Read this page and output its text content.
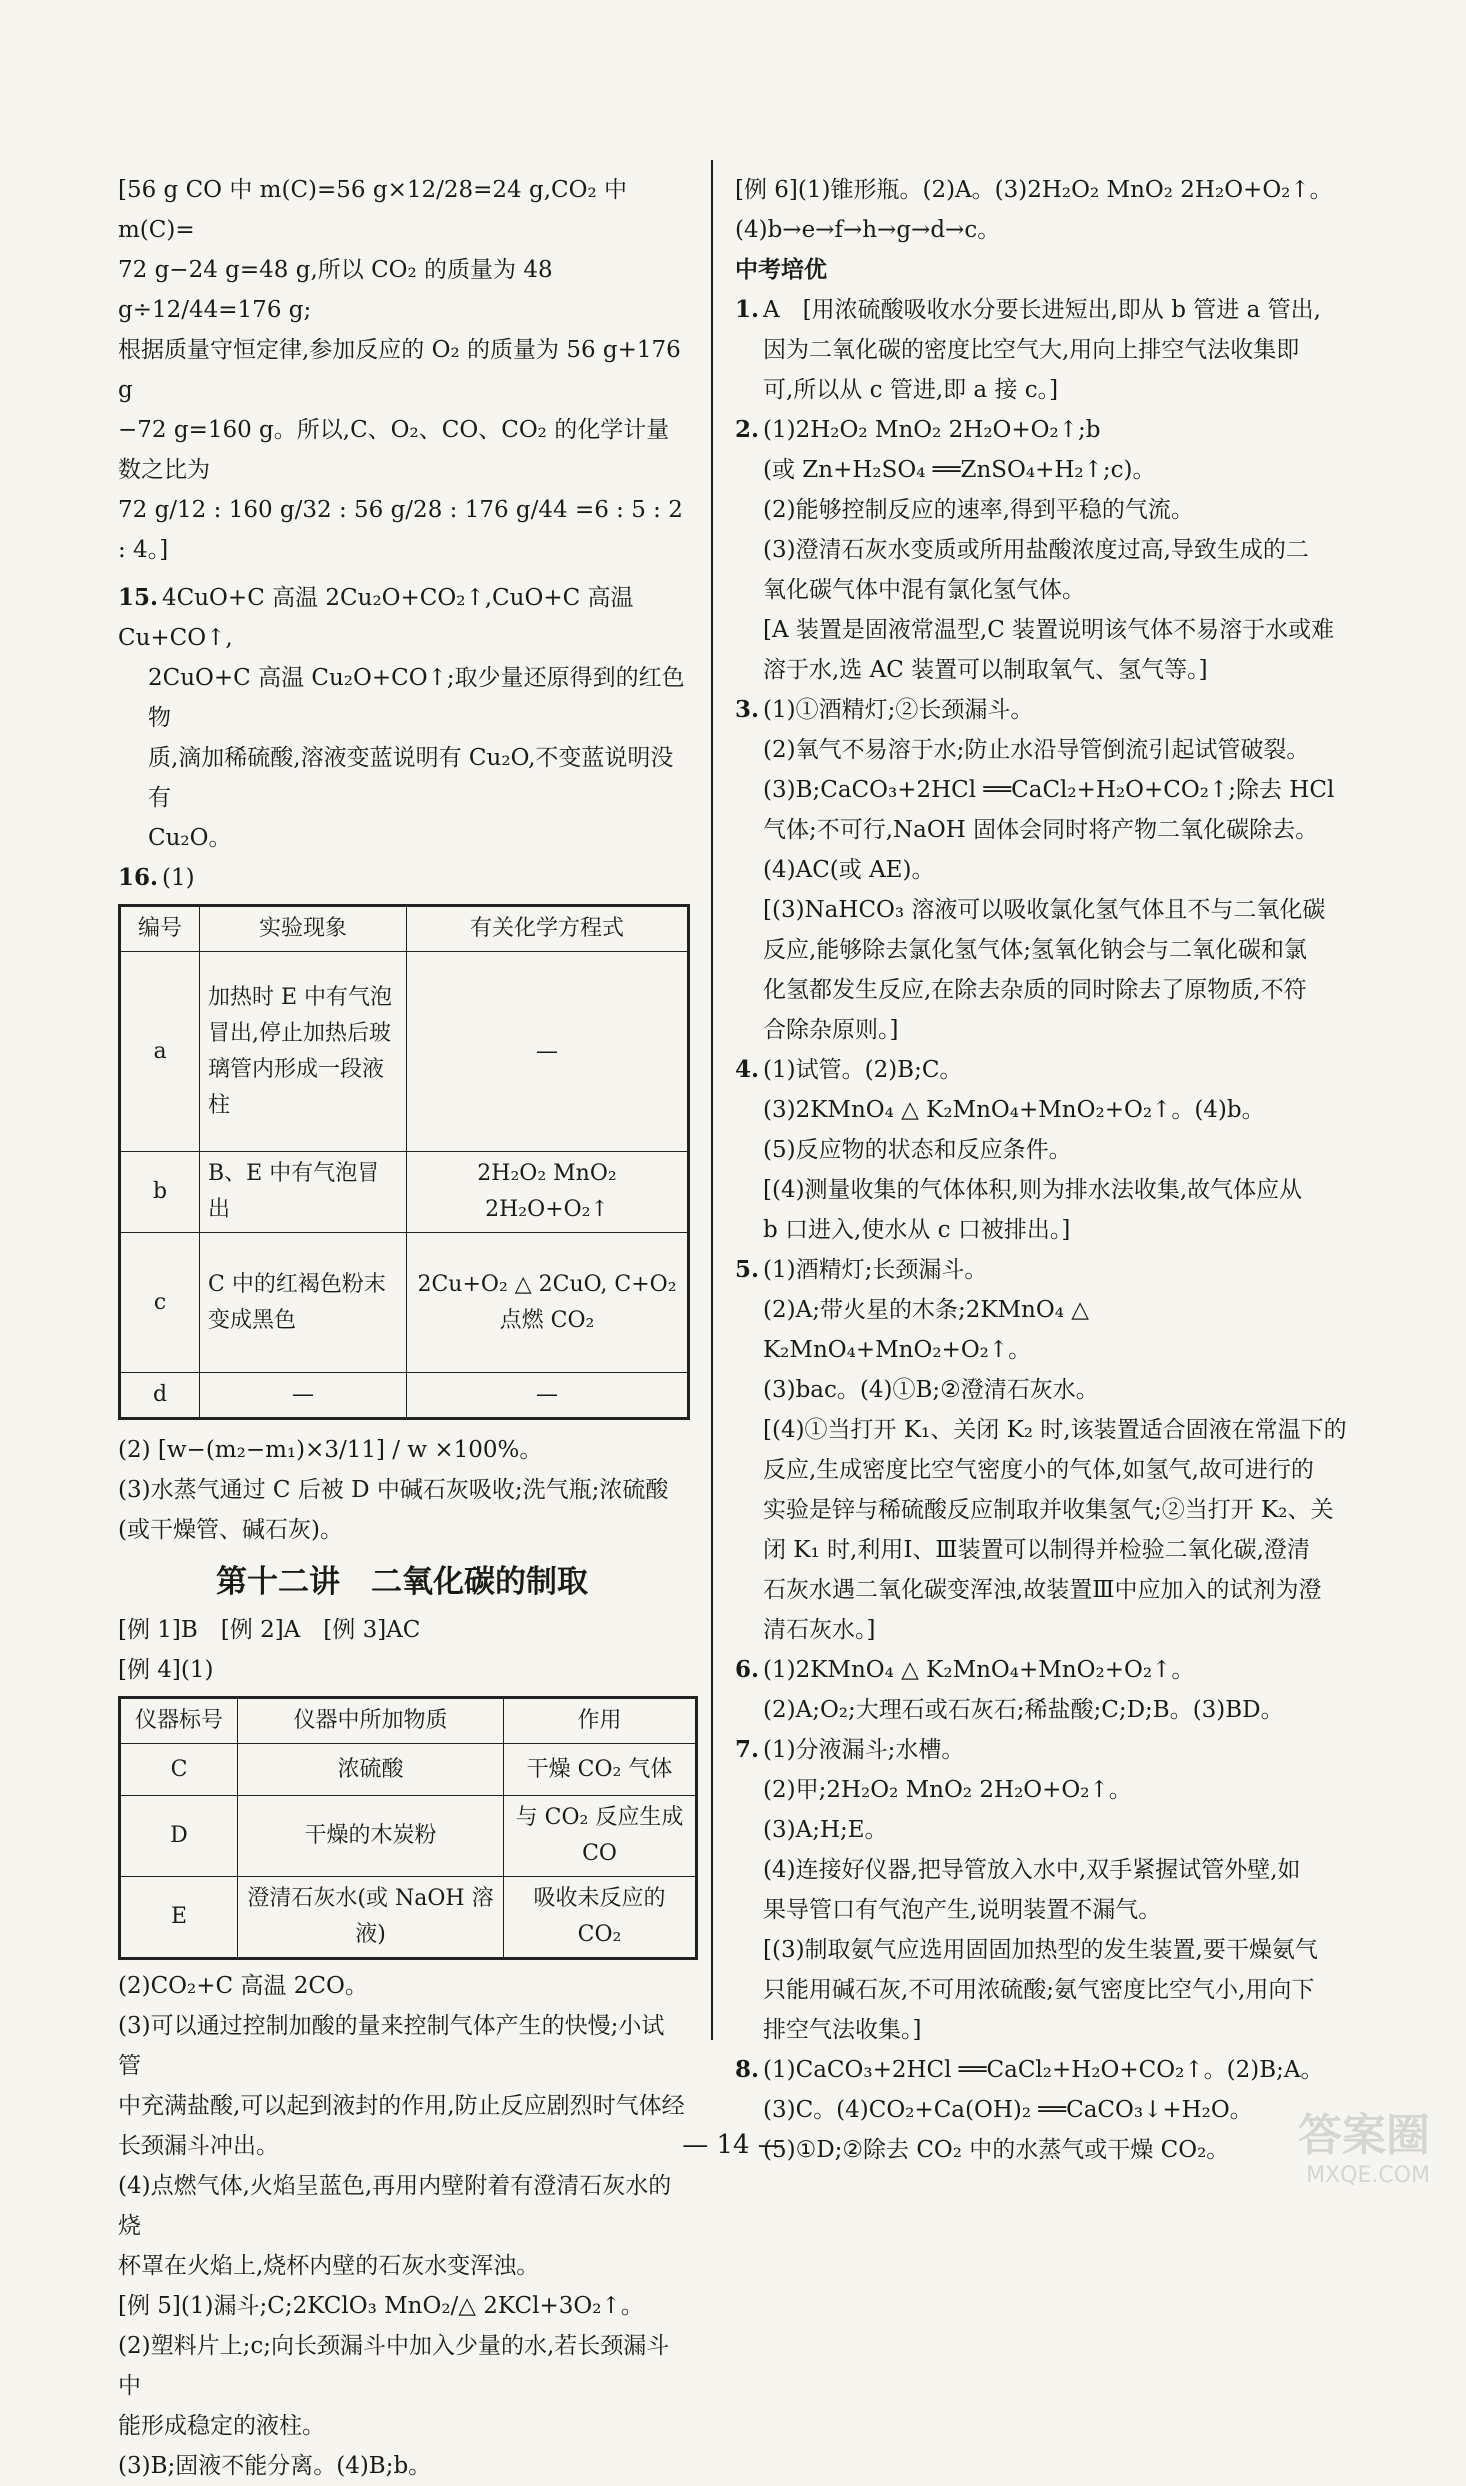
[56 g CO 中 m(C)=56 g×12/28=24 g,CO₂ 中 m(C)=

72 g−24 g=48 g,所以 CO₂ 的质量为 48 g÷12/44=176 g;

根据质量守恒定律,参加反应的 O₂ 的质量为 56 g+176 g

−72 g=160 g。所以,C、O₂、CO、CO₂ 的化学计量数之比为

72 g/12 : 160 g/32 : 56 g/28 : 176 g/44 =6 : 5 : 2 : 4。]

15. 4CuO+C 高温 2Cu₂O+CO₂↑,CuO+C 高温 Cu+CO↑,

2CuO+C 高温 Cu₂O+CO↑;取少量还原得到的红色物

质,滴加稀硫酸,溶液变蓝说明有 Cu₂O,不变蓝说明没有

Cu₂O。

16. (1)

编号	实验现象	有关化学方程式
a	加热时 E 中有气泡冒出,停止加热后玻璃管内形成一段液柱	—
b	B、E 中有气泡冒出	2H₂O₂ MnO₂ 2H₂O+O₂↑
c	C 中的红褐色粉末变成黑色	2Cu+O₂ △ 2CuO, C+O₂ 点燃 CO₂
d	—	—

(2) [w−(m₂−m₁)×3/11] / w ×100%。

(3)水蒸气通过 C 后被 D 中碱石灰吸收;洗气瓶;浓硫酸

(或干燥管、碱石灰)。

第十二讲　二氧化碳的制取

[例 1]B　[例 2]A　[例 3]AC

[例 4](1)

仪器标号	仪器中所加物质	作用
C	浓硫酸	干燥 CO₂ 气体
D	干燥的木炭粉	与 CO₂ 反应生成 CO
E	澄清石灰水(或 NaOH 溶液)	吸收未反应的 CO₂

(2)CO₂+C 高温 2CO。

(3)可以通过控制加酸的量来控制气体产生的快慢;小试管

中充满盐酸,可以起到液封的作用,防止反应剧烈时气体经

长颈漏斗冲出。

(4)点燃气体,火焰呈蓝色,再用内壁附着有澄清石灰水的烧

杯罩在火焰上,烧杯内壁的石灰水变浑浊。

[例 5](1)漏斗;C;2KClO₃ MnO₂/△ 2KCl+3O₂↑。

(2)塑料片上;c;向长颈漏斗中加入少量的水,若长颈漏斗中

能形成稳定的液柱。

(3)B;固液不能分离。(4)B;b。

[例 6](1)锥形瓶。(2)A。(3)2H₂O₂ MnO₂ 2H₂O+O₂↑。

(4)b→e→f→h→g→d→c。

中考培优

1. A　[用浓硫酸吸收水分要长进短出,即从 b 管进 a 管出,

因为二氧化碳的密度比空气大,用向上排空气法收集即

可,所以从 c 管进,即 a 接 c。]

2. (1)2H₂O₂ MnO₂ 2H₂O+O₂↑;b

(或 Zn+H₂SO₄ ══ZnSO₄+H₂↑;c)。

(2)能够控制反应的速率,得到平稳的气流。

(3)澄清石灰水变质或所用盐酸浓度过高,导致生成的二

氧化碳气体中混有氯化氢气体。

[A 装置是固液常温型,C 装置说明该气体不易溶于水或难

溶于水,选 AC 装置可以制取氧气、氢气等。]

3. (1)①酒精灯;②长颈漏斗。

(2)氧气不易溶于水;防止水沿导管倒流引起试管破裂。

(3)B;CaCO₃+2HCl ══CaCl₂+H₂O+CO₂↑;除去 HCl

气体;不可行,NaOH 固体会同时将产物二氧化碳除去。

(4)AC(或 AE)。

[(3)NaHCO₃ 溶液可以吸收氯化氢气体且不与二氧化碳

反应,能够除去氯化氢气体;氢氧化钠会与二氧化碳和氯

化氢都发生反应,在除去杂质的同时除去了原物质,不符

合除杂原则。]

4. (1)试管。(2)B;C。

(3)2KMnO₄ △ K₂MnO₄+MnO₂+O₂↑。(4)b。

(5)反应物的状态和反应条件。

[(4)测量收集的气体体积,则为排水法收集,故气体应从

b 口进入,使水从 c 口被排出。]

5. (1)酒精灯;长颈漏斗。

(2)A;带火星的木条;2KMnO₄ △ K₂MnO₄+MnO₂+O₂↑。

(3)bac。(4)①B;②澄清石灰水。

[(4)①当打开 K₁、关闭 K₂ 时,该装置适合固液在常温下的

反应,生成密度比空气密度小的气体,如氢气,故可进行的

实验是锌与稀硫酸反应制取并收集氢气;②当打开 K₂、关

闭 K₁ 时,利用Ⅰ、Ⅲ装置可以制得并检验二氧化碳,澄清

石灰水遇二氧化碳变浑浊,故装置Ⅲ中应加入的试剂为澄

清石灰水。]

6. (1)2KMnO₄ △ K₂MnO₄+MnO₂+O₂↑。

(2)A;O₂;大理石或石灰石;稀盐酸;C;D;B。(3)BD。

7. (1)分液漏斗;水槽。

(2)甲;2H₂O₂ MnO₂ 2H₂O+O₂↑。

(3)A;H;E。

(4)连接好仪器,把导管放入水中,双手紧握试管外壁,如

果导管口有气泡产生,说明装置不漏气。

[(3)制取氨气应选用固固加热型的发生装置,要干燥氨气

只能用碱石灰,不可用浓硫酸;氨气密度比空气小,用向下

排空气法收集。]

8. (1)CaCO₃+2HCl ══CaCl₂+H₂O+CO₂↑。(2)B;A。

(3)C。(4)CO₂+Ca(OH)₂ ══CaCO₃↓+H₂O。

(5)①D;②除去 CO₂ 中的水蒸气或干燥 CO₂。

— 14 —	答案圈
MXQE.COM
